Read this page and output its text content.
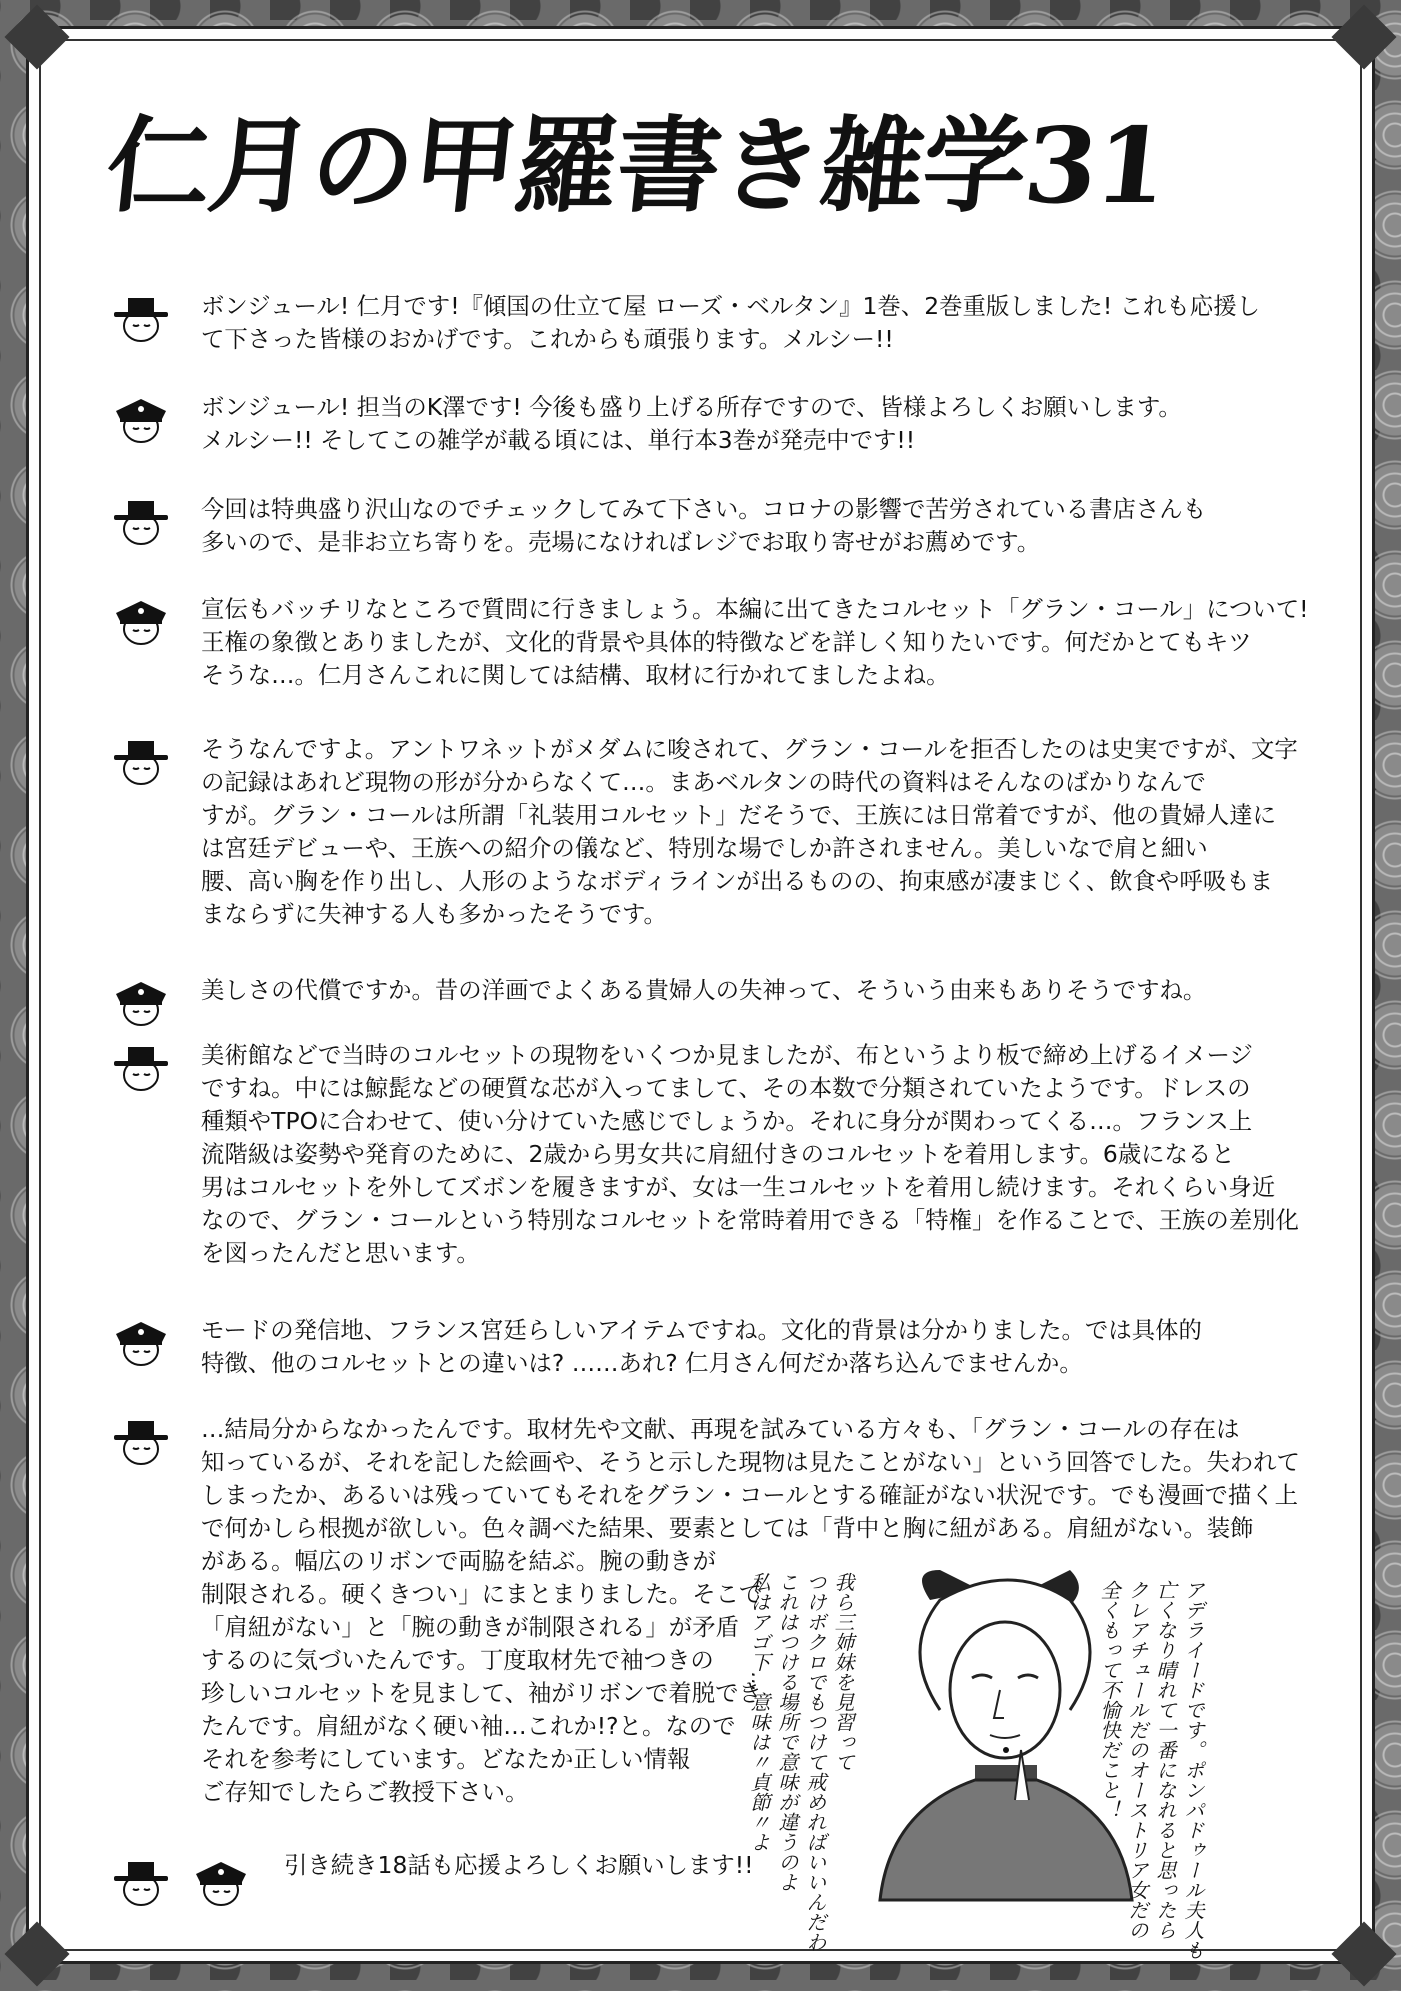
仁月の甲羅書き雑学31
ボンジュール! 仁月です!『傾国の仕立て屋 ローズ・ベルタン』1巻、2巻重版しました! これも応援し
て下さった皆様のおかげです。これからも頑張ります。メルシー!!
ボンジュール! 担当のK澤です! 今後も盛り上げる所存ですので、皆様よろしくお願いします。
メルシー!! そしてこの雑学が載る頃には、単行本3巻が発売中です!!
今回は特典盛り沢山なのでチェックしてみて下さい。コロナの影響で苦労されている書店さんも
多いので、是非お立ち寄りを。売場になければレジでお取り寄せがお薦めです。
宣伝もバッチリなところで質問に行きましょう。本編に出てきたコルセット「グラン・コール」について!
王権の象徴とありましたが、文化的背景や具体的特徴などを詳しく知りたいです。何だかとてもキツ
そうな…。仁月さんこれに関しては結構、取材に行かれてましたよね。
そうなんですよ。アントワネットがメダムに唆されて、グラン・コールを拒否したのは史実ですが、文字
の記録はあれど現物の形が分からなくて…。まあベルタンの時代の資料はそんなのばかりなんで
すが。グラン・コールは所謂「礼装用コルセット」だそうで、王族には日常着ですが、他の貴婦人達に
は宮廷デビューや、王族への紹介の儀など、特別な場でしか許されません。美しいなで肩と細い
腰、高い胸を作り出し、人形のようなボディラインが出るものの、拘束感が凄まじく、飲食や呼吸もま
まならずに失神する人も多かったそうです。
美しさの代償ですか。昔の洋画でよくある貴婦人の失神って、そういう由来もありそうですね。
美術館などで当時のコルセットの現物をいくつか見ましたが、布というより板で締め上げるイメージ
ですね。中には鯨髭などの硬質な芯が入ってまして、その本数で分類されていたようです。ドレスの
種類やTPOに合わせて、使い分けていた感じでしょうか。それに身分が関わってくる…。フランス上
流階級は姿勢や発育のために、2歳から男女共に肩紐付きのコルセットを着用します。6歳になると
男はコルセットを外してズボンを履きますが、女は一生コルセットを着用し続けます。それくらい身近
なので、グラン・コールという特別なコルセットを常時着用できる「特権」を作ることで、王族の差別化
を図ったんだと思います。
モードの発信地、フランス宮廷らしいアイテムですね。文化的背景は分かりました。では具体的
特徴、他のコルセットとの違いは? ……あれ? 仁月さん何だか落ち込んでませんか。
…結局分からなかったんです。取材先や文献、再現を試みている方々も、「グラン・コールの存在は
知っているが、それを記した絵画や、そうと示した現物は見たことがない」という回答でした。失われて
しまったか、あるいは残っていてもそれをグラン・コールとする確証がない状況です。でも漫画で描く上
で何かしら根拠が欲しい。色々調べた結果、要素としては「背中と胸に紐がある。肩紐がない。装飾
がある。幅広のリボンで両脇を結ぶ。腕の動きが
制限される。硬くきつい」にまとまりました。そこで
「肩紐がない」と「腕の動きが制限される」が矛盾
するのに気づいたんです。丁度取材先で袖つきの
珍しいコルセットを見まして、袖がリボンで着脱でき
たんです。肩紐がなく硬い袖…これか!?と。なので
それを参考にしています。どなたか正しい情報
ご存知でしたらご教授下さい。
引き続き18話も応援よろしくお願いします!!	アデライードです。ポンパドゥール夫人も
亡くなり晴れて一番になれると思ったら
クレアチュールだのオーストリア女だの
全くもって不愉快だこと！
我ら三姉妹を見習って
つけボクロでもつけて戒めればいいんだわ
これはつける場所で意味が違うのよ
私はアゴ下…意味は〃貞節〃よ
